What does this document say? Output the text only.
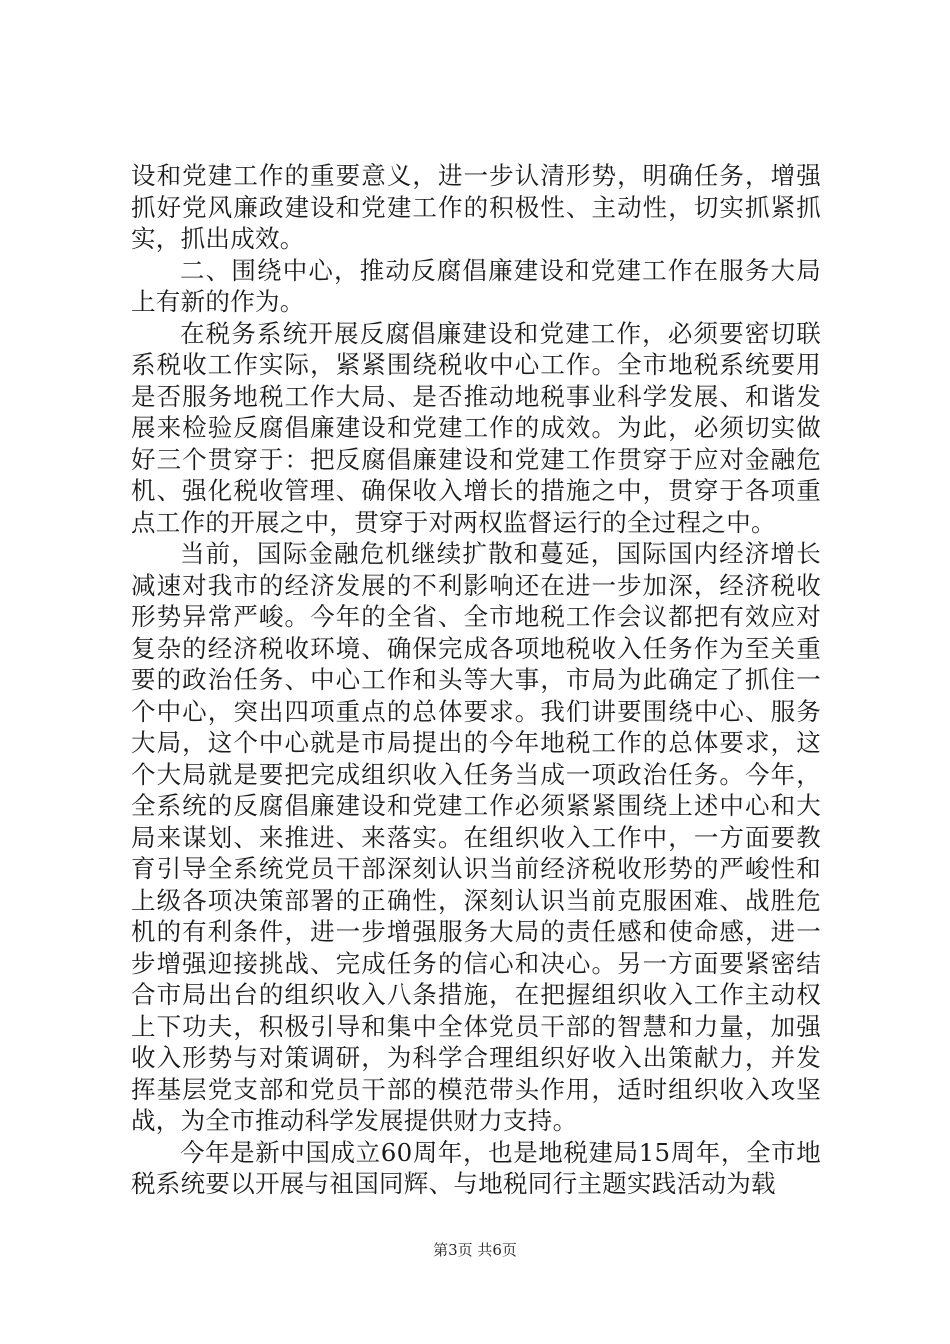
设和党建工作的重要意义，进一步认清形势，明确任务，增强抓好党风廉政建设和党建工作的积极性、主动性，切实抓紧抓实，抓出成效。

二、围绕中心，推动反腐倡廉建设和党建工作在服务大局上有新的作为。

在税务系统开展反腐倡廉建设和党建工作，必须要密切联系税收工作实际，紧紧围绕税收中心工作。全市地税系统要用是否服务地税工作大局、是否推动地税事业科学发展、和谐发展来检验反腐倡廉建设和党建工作的成效。为此，必须切实做好三个贯穿于：把反腐倡廉建设和党建工作贯穿于应对金融危机、强化税收管理、确保收入增长的措施之中，贯穿于各项重点工作的开展之中，贯穿于对两权监督运行的全过程之中。

当前，国际金融危机继续扩散和蔓延，国际国内经济增长减速对我市的经济发展的不利影响还在进一步加深，经济税收形势异常严峻。今年的全省、全市地税工作会议都把有效应对复杂的经济税收环境、确保完成各项地税收入任务作为至关重要的政治任务、中心工作和头等大事，市局为此确定了抓住一个中心，突出四项重点的总体要求。我们讲要围绕中心、服务大局，这个中心就是市局提出的今年地税工作的总体要求，这个大局就是要把完成组织收入任务当成一项政治任务。今年，全系统的反腐倡廉建设和党建工作必须紧紧围绕上述中心和大局来谋划、来推进、来落实。在组织收入工作中，一方面要教育引导全系统党员干部深刻认识当前经济税收形势的严峻性和上级各项决策部署的正确性，深刻认识当前克服困难、战胜危机的有利条件，进一步增强服务大局的责任感和使命感，进一步增强迎接挑战、完成任务的信心和决心。另一方面要紧密结合市局出台的组织收入八条措施，在把握组织收入工作主动权上下功夫，积极引导和集中全体党员干部的智慧和力量，加强收入形势与对策调研，为科学合理组织好收入出策献力，并发挥基层党支部和党员干部的模范带头作用，适时组织收入攻坚战，为全市推动科学发展提供财力支持。

今年是新中国成立60周年，也是地税建局15周年，全市地税系统要以开展与祖国同辉、与地税同行主题实践活动为载

第3页 共6页
